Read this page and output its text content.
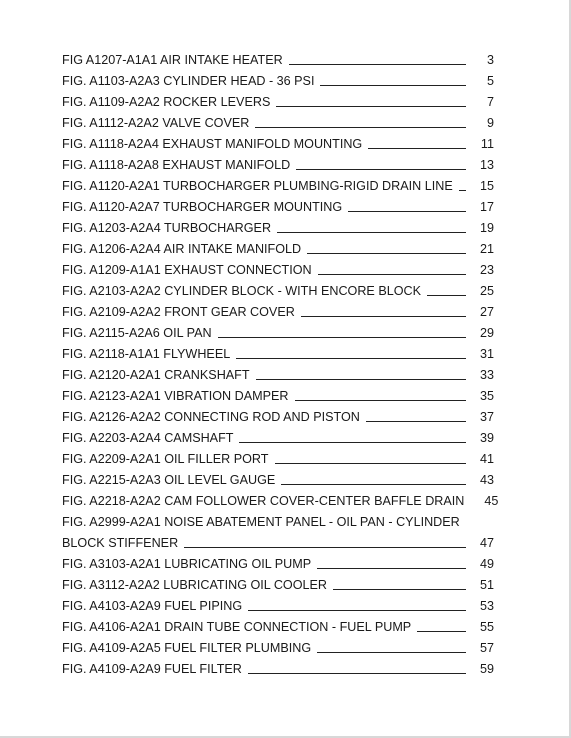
FIG A1207-A1A1 AIR INTAKE HEATER	3
FIG. A1103-A2A3 CYLINDER HEAD - 36 PSI	5
FIG. A1109-A2A2 ROCKER LEVERS	7
FIG. A1112-A2A2 VALVE COVER	9
FIG. A1118-A2A4 EXHAUST MANIFOLD MOUNTING	11
FIG. A1118-A2A8 EXHAUST MANIFOLD	13
FIG. A1120-A2A1 TURBOCHARGER PLUMBING-RIGID DRAIN LINE	15
FIG. A1120-A2A7 TURBOCHARGER MOUNTING	17
FIG. A1203-A2A4 TURBOCHARGER	19
FIG. A1206-A2A4 AIR INTAKE MANIFOLD	21
FIG. A1209-A1A1 EXHAUST CONNECTION	23
FIG. A2103-A2A2 CYLINDER BLOCK - WITH ENCORE BLOCK	25
FIG. A2109-A2A2 FRONT GEAR COVER	27
FIG. A2115-A2A6 OIL PAN	29
FIG. A2118-A1A1 FLYWHEEL	31
FIG. A2120-A2A1 CRANKSHAFT	33
FIG. A2123-A2A1 VIBRATION DAMPER	35
FIG. A2126-A2A2 CONNECTING ROD AND PISTON	37
FIG. A2203-A2A4 CAMSHAFT	39
FIG. A2209-A2A1 OIL FILLER PORT	41
FIG. A2215-A2A3 OIL LEVEL GAUGE	43
FIG. A2218-A2A2 CAM FOLLOWER COVER-CENTER BAFFLE DRAIN	45
FIG. A2999-A2A1 NOISE ABATEMENT PANEL - OIL PAN - CYLINDER
BLOCK STIFFENER	47
FIG. A3103-A2A1 LUBRICATING OIL PUMP	49
FIG. A3112-A2A2 LUBRICATING OIL COOLER	51
FIG. A4103-A2A9 FUEL PIPING	53
FIG. A4106-A2A1 DRAIN TUBE CONNECTION - FUEL PUMP	55
FIG. A4109-A2A5 FUEL FILTER PLUMBING	57
FIG. A4109-A2A9 FUEL FILTER	59
